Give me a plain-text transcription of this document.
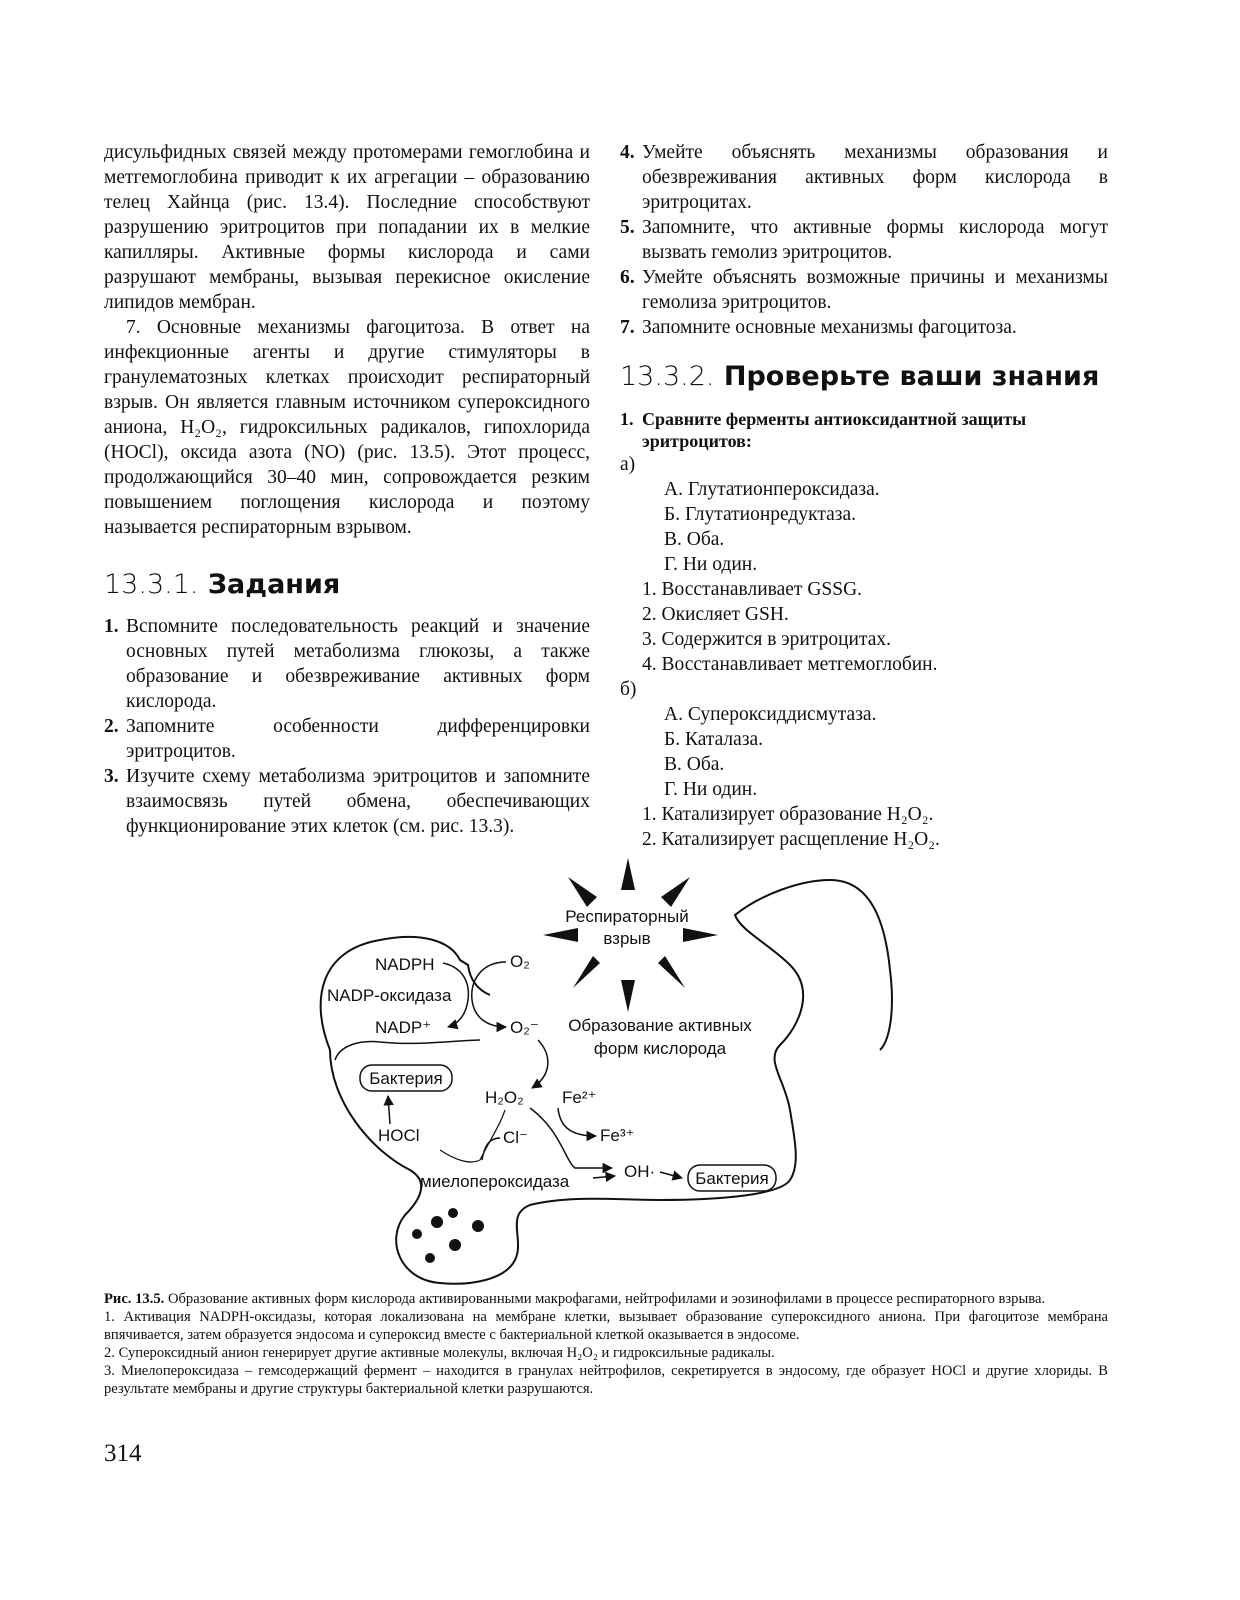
дисульфидных связей между протомерами гемоглобина и метгемоглобина приводит к их агрегации – образованию телец Хайнца (рис. 13.4). Последние способствуют разрушению эритроцитов при попадании их в мелкие капилляры. Активные формы кислорода и сами разрушают мембраны, вызывая перекисное окисление липидов мембран.

7. Основные механизмы фагоцитоза. В ответ на инфекционные агенты и другие стимуляторы в гранулематозных клетках происходит респираторный взрыв. Он является главным источником супероксидного аниона, H₂O₂, гидроксильных радикалов, гипохлорида (HOCl), оксида азота (NO) (рис. 13.5). Этот процесс, продолжающийся 30–40 мин, сопровождается резким повышением поглощения кислорода и поэтому называется респираторным взрывом.

13.3.1. Задания
1. Вспомните последовательность реакций и значение основных путей метаболизма глюкозы, а также образование и обезвреживание активных форм кислорода.
2. Запомните особенности дифференцировки эритроцитов.
3. Изучите схему метаболизма эритроцитов и запомните взаимосвязь путей обмена, обеспечивающих функционирование этих клеток (см. рис. 13.3).
4. Умейте объяснять механизмы образования и обезвреживания активных форм кислорода в эритроцитах.
5. Запомните, что активные формы кислорода могут вызвать гемолиз эритроцитов.
6. Умейте объяснять возможные причины и механизмы гемолиза эритроцитов.
7. Запомните основные механизмы фагоцитоза.
13.3.2. Проверьте ваши знания
1. Сравните ферменты антиоксидантной защиты эритроцитов:

а)

А. Глутатионпероксидаза.
Б. Глутатионредуктаза.
В. Оба.
Г. Ни один.
1. Восстанавливает GSSG.
2. Окисляет GSH.
3. Содержится в эритроцитах.
4. Восстанавливает метгемоглобин.

б)

А. Супероксиддисмутаза.
Б. Каталаза.
В. Оба.
Г. Ни один.
1. Катализирует образование H₂O₂.
2. Катализирует расщепление H₂O₂.
Респираторный
взрыв
NADPH
NADP-оксидаза
NADP⁺
O₂
O₂⁻ Образование активных
форм кислорода
Бактерия
H₂O₂ Fe²⁺
Fe³⁺
HOCl	Cl⁻
миелопероксидаза
OH· Бактерия

Рис. 13.5. Образование активных форм кислорода активированными макрофагами, нейтрофилами и эозинофилами в процессе респираторного взрыва.

1. Активация NADPH-оксидазы, которая локализована на мембране клетки, вызывает образование супероксидного аниона. При фагоцитозе мембрана впячивается, затем образуется эндосома и супероксид вместе с бактериальной клеткой оказывается в эндосоме.

2. Супероксидный анион генерирует другие активные молекулы, включая H₂O₂ и гидроксильные радикалы.

3. Миелопероксидаза – гемсодержащий фермент – находится в гранулах нейтрофилов, секретируется в эндосому, где образует HOCl и другие хлориды. В результате мембраны и другие структуры бактериальной клетки разрушаются.

314
